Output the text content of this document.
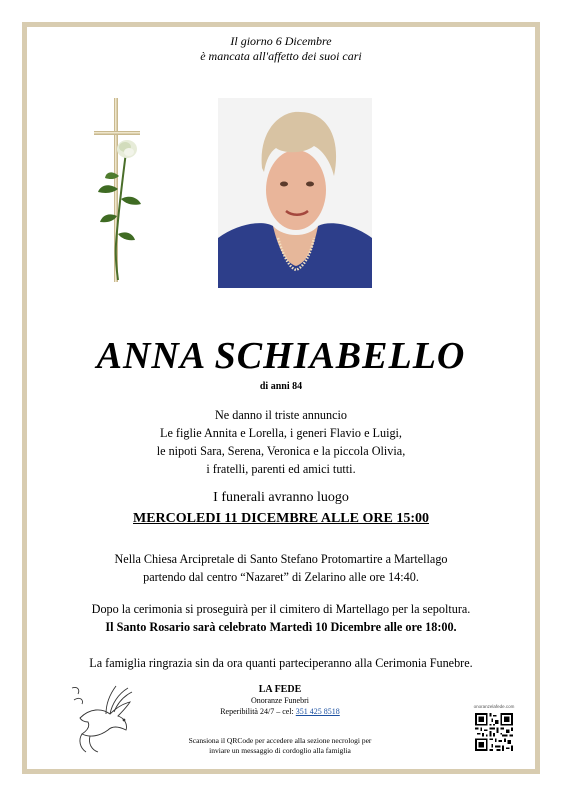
Il giorno 6 Dicembre
è mancata all'affetto dei suoi cari
ANNA SCHIABELLO
di anni 84
Ne danno il triste annuncio
Le figlie Annita e Lorella, i generi Flavio e Luigi,
le nipoti Sara, Serena, Veronica e la piccola Olivia,
i fratelli, parenti ed amici tutti.
I funerali avranno luogo
MERCOLEDI 11 DICEMBRE ALLE ORE 15:00
Nella Chiesa Arcipretale di Santo Stefano Protomartire a Martellago
partendo dal centro “Nazaret” di Zelarino alle ore 14:40.
Dopo la cerimonia si proseguirà per il cimitero di Martellago per la sepoltura.
Il Santo Rosario sarà celebrato Martedì 10 Dicembre alle ore 18:00.
La famiglia ringrazia sin da ora quanti parteciperanno alla Cerimonia Funebre.
LA FEDE
Onoranze Funebri
Reperibilità 24/7 – cel: 351 425 8518
Scansiona il QRCode per accedere alla sezione necrologi per
inviare un messaggio di cordoglio alla famiglia
onoranzelafede.com
